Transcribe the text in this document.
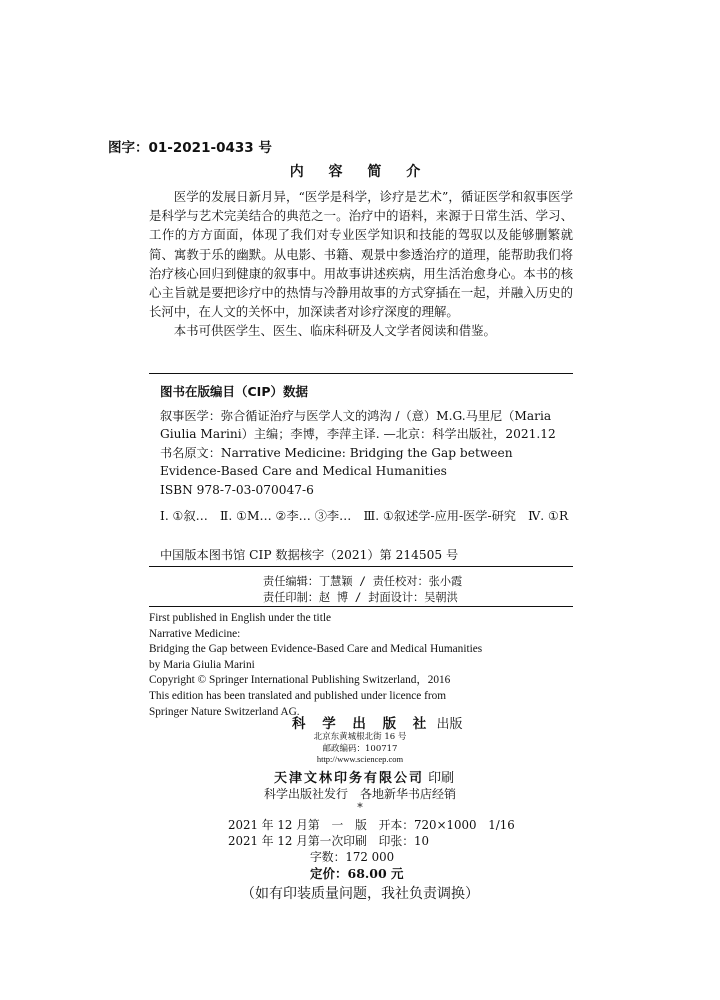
图字：01-2021-0433 号
内 容 简 介

医学的发展日新月异，“医学是科学，诊疗是艺术”，循证医学和叙事医学是科学与艺术完美结合的典范之一。治疗中的语料，来源于日常生活、学习、工作的方方面面，体现了我们对专业医学知识和技能的驾驭以及能够删繁就简、寓教于乐的幽默。从电影、书籍、观景中参透治疗的道理，能帮助我们将治疗核心回归到健康的叙事中。用故事讲述疾病，用生活治愈身心。本书的核心主旨就是要把诊疗中的热情与冷静用故事的方式穿插在一起，并融入历史的长河中，在人文的关怀中，加深读者对诊疗深度的理解。

本书可供医学生、医生、临床科研及人文学者阅读和借鉴。

图书在版编目（CIP）数据
叙事医学：弥合循证治疗与医学人文的鸿沟 /（意）M.G.马里尼（Maria Giulia Marini）主编；李博，李萍主译. —北京：科学出版社，2021.12
书名原文：Narrative Medicine: Bridging the Gap between Evidence-Based Care and Medical Humanities
ISBN 978-7-03-070047-6
Ⅰ. ①叙…　Ⅱ. ①M… ②李… ③李…　Ⅲ. ①叙述学-应用-医学-研究　Ⅳ. ①R
中国版本图书馆 CIP 数据核字（2021）第 214505 号
责任编辑：丁慧颖 / 责任校对：张小霞
责任印制：赵 博 / 封面设计：吴朝洪
First published in English under the title
Narrative Medicine:
Bridging the Gap between Evidence-Based Care and Medical Humanities
by Maria Giulia Marini
Copyright © Springer International Publishing Switzerland，2016
This edition has been translated and published under licence from
Springer Nature Switzerland AG.
科 学 出 版 社 出版
北京东黄城根北街 16 号
邮政编码：100717
http://www.sciencep.com
天津文林印务有限公司 印刷
科学出版社发行　各地新华书店经销
*
2021 年 12 月第　一　版　开本：720×1000　1/16
2021 年 12 月第一次印刷　印张：10
字数：172 000
定价：68.00 元
（如有印装质量问题，我社负责调换）
